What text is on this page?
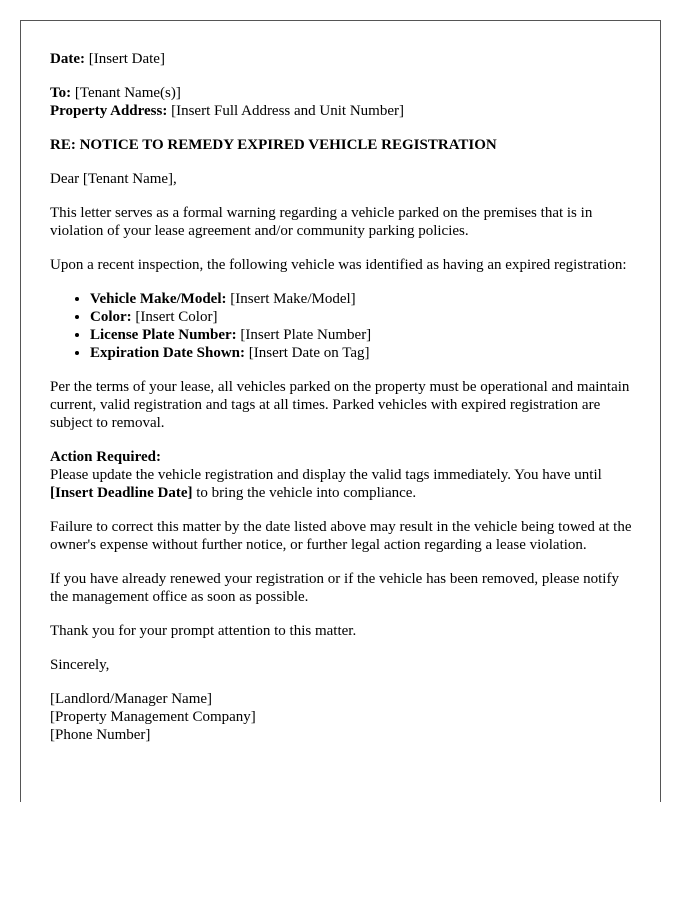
Date: [Insert Date]

To: [Tenant Name(s)]
Property Address: [Insert Full Address and Unit Number]

RE: NOTICE TO REMEDY EXPIRED VEHICLE REGISTRATION

Dear [Tenant Name],

This letter serves as a formal warning regarding a vehicle parked on the premises that is in violation of your lease agreement and/or community parking policies.

Upon a recent inspection, the following vehicle was identified as having an expired registration:

• Vehicle Make/Model: [Insert Make/Model]
• Color: [Insert Color]
• License Plate Number: [Insert Plate Number]
• Expiration Date Shown: [Insert Date on Tag]

Per the terms of your lease, all vehicles parked on the property must be operational and maintain current, valid registration and tags at all times. Parked vehicles with expired registration are subject to removal.

Action Required:
Please update the vehicle registration and display the valid tags immediately. You have until [Insert Deadline Date] to bring the vehicle into compliance.

Failure to correct this matter by the date listed above may result in the vehicle being towed at the owner's expense without further notice, or further legal action regarding a lease violation.

If you have already renewed your registration or if the vehicle has been removed, please notify the management office as soon as possible.

Thank you for your prompt attention to this matter.

Sincerely,

[Landlord/Manager Name]
[Property Management Company]
[Phone Number]
